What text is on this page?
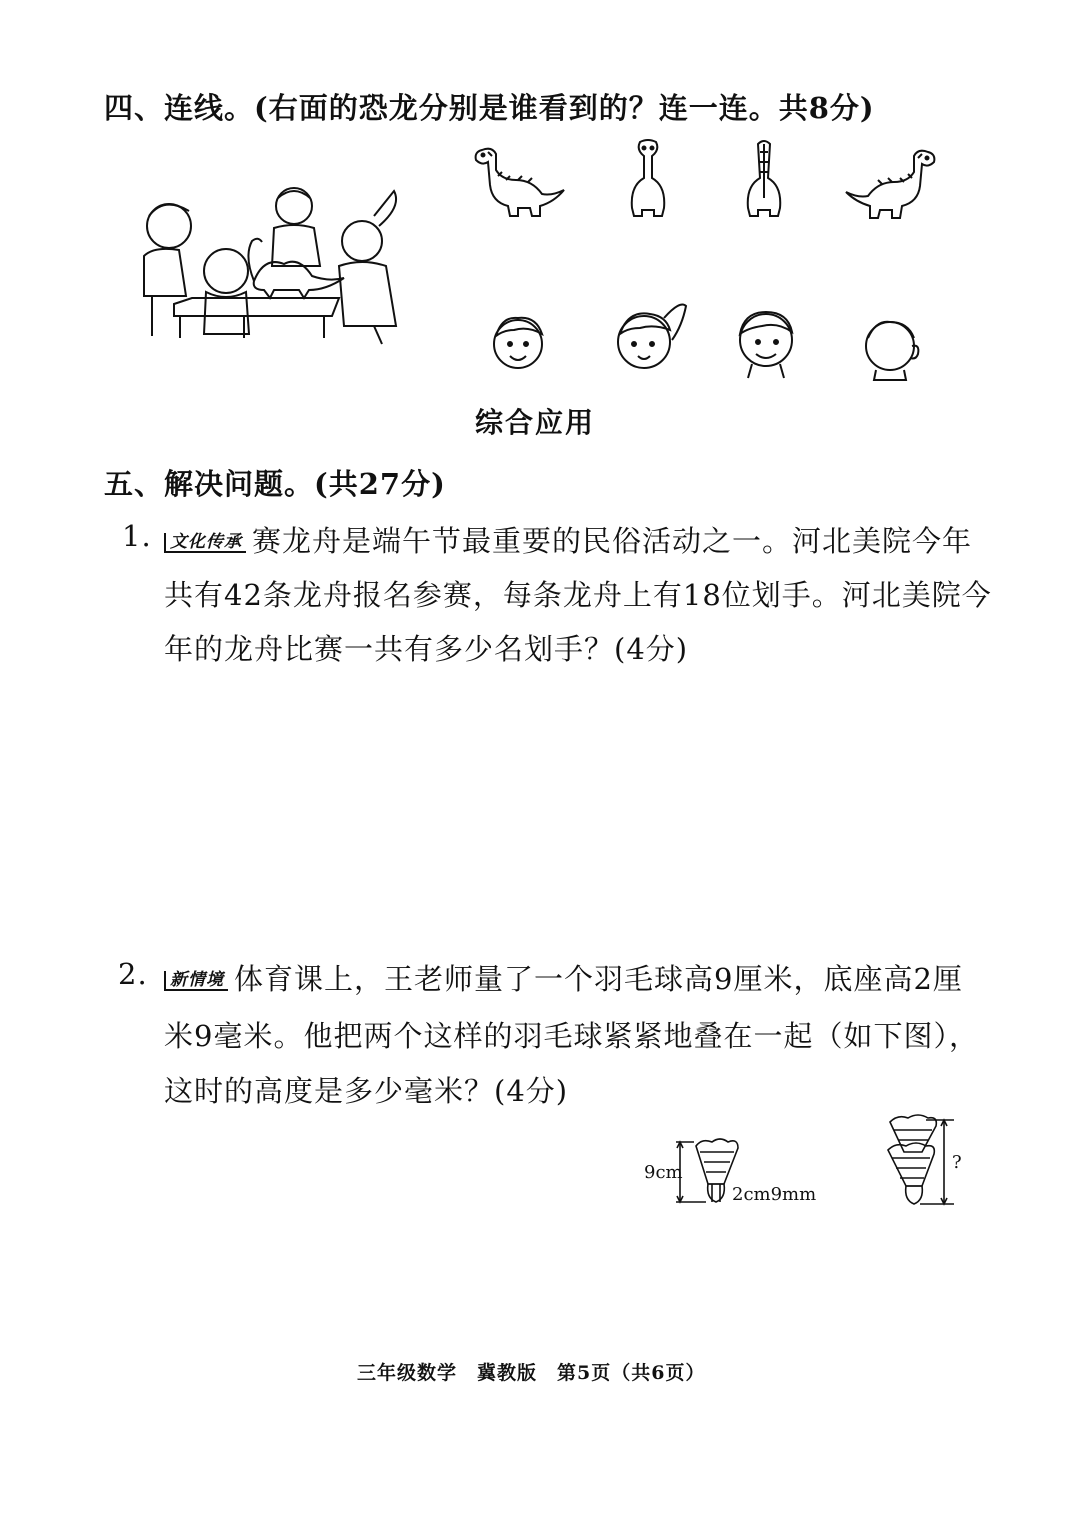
四、连线。(右面的恐龙分别是谁看到的？连一连。共8分)
综合应用
五、解决问题。(共27分)
1.	文化传承 赛龙舟是端午节最重要的民俗活动之一。河北美院今年
共有42条龙舟报名参赛，每条龙舟上有18位划手。河北美院今
年的龙舟比赛一共有多少名划手？(4分)
2.	新情境 体育课上，王老师量了一个羽毛球高9厘米，底座高2厘
米9毫米。他把两个这样的羽毛球紧紧地叠在一起（如下图），
这时的高度是多少毫米？(4分)
9cm
2cm9mm
?
三年级数学　冀教版　第5页（共6页）
